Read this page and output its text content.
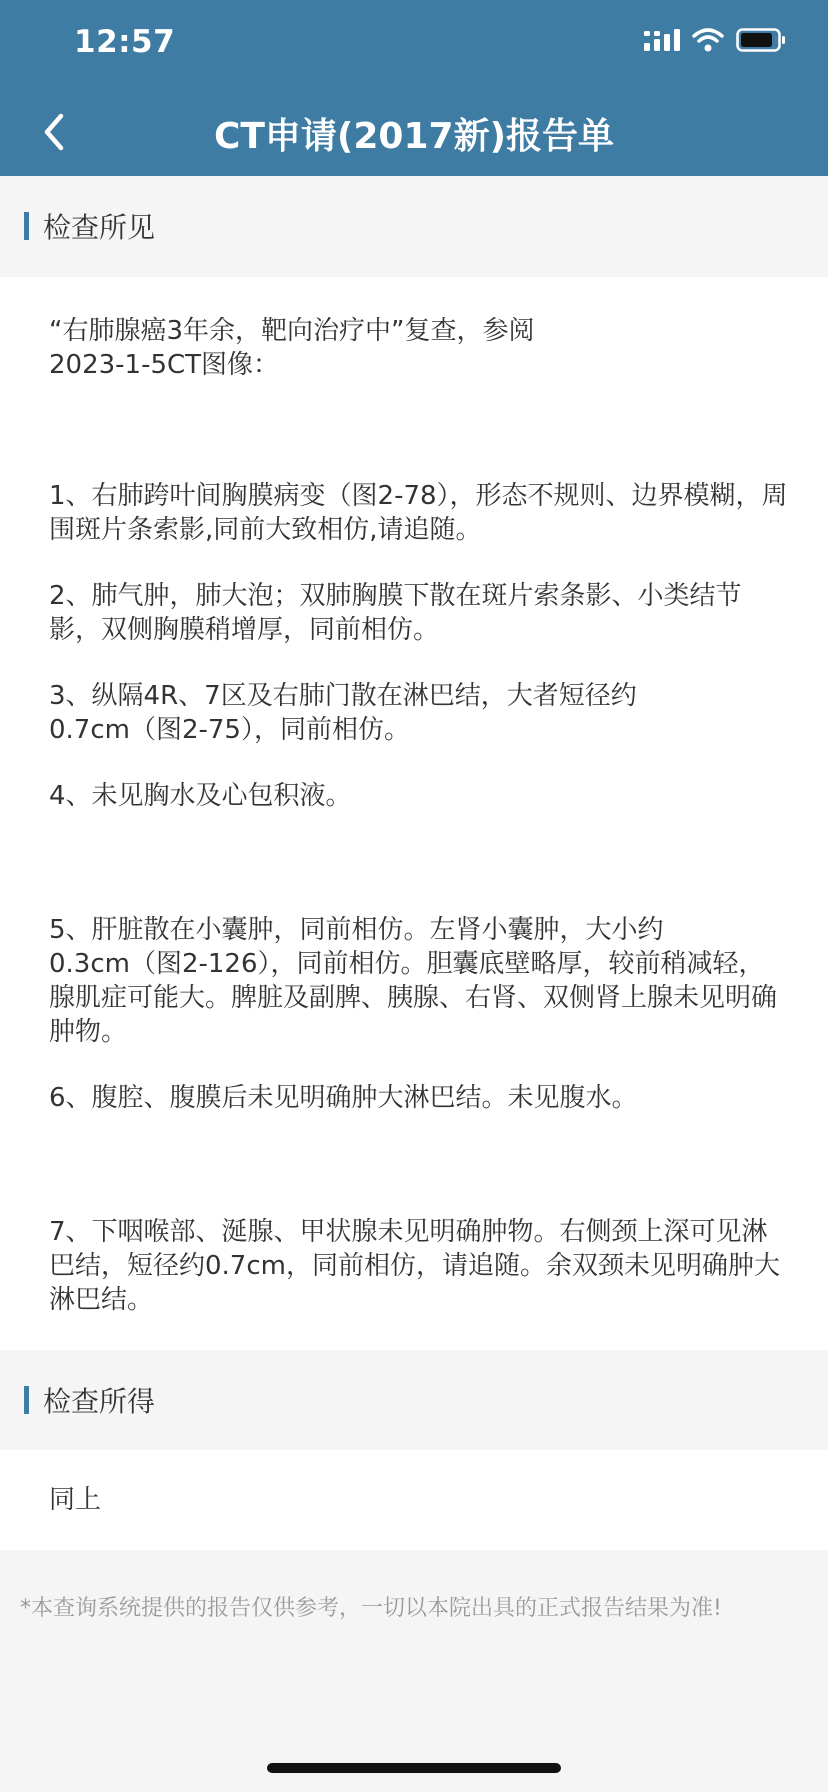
12:57
CT申请(2017新)报告单
检查所见
“右肺腺癌3年余，靶向治疗中”复查，参阅
2023-1-5CT图像：
1、右肺跨叶间胸膜病变（图2-78），形态不规则、边界模糊，周围斑片条索影,同前大致相仿,请追随。
2、肺气肿，肺大泡；双肺胸膜下散在斑片索条影、小类结节影，双侧胸膜稍增厚，同前相仿。
3、纵隔4R、7区及右肺门散在淋巴结，大者短径约
0.7cm（图2-75），同前相仿。
4、未见胸水及心包积液。
5、肝脏散在小囊肿，同前相仿。左肾小囊肿，大小约
0.3cm（图2-126），同前相仿。胆囊底壁略厚，较前稍减轻，腺肌症可能大。脾脏及副脾、胰腺、右肾、双侧肾上腺未见明确肿物。
6、腹腔、腹膜后未见明确肿大淋巴结。未见腹水。
7、下咽喉部、涎腺、甲状腺未见明确肿物。右侧颈上深可见淋巴结，短径约0.7cm，同前相仿，请追随。余双颈未见明确肿大淋巴结。
检查所得
同上
*本查询系统提供的报告仅供参考，一切以本院出具的正式报告结果为准!
